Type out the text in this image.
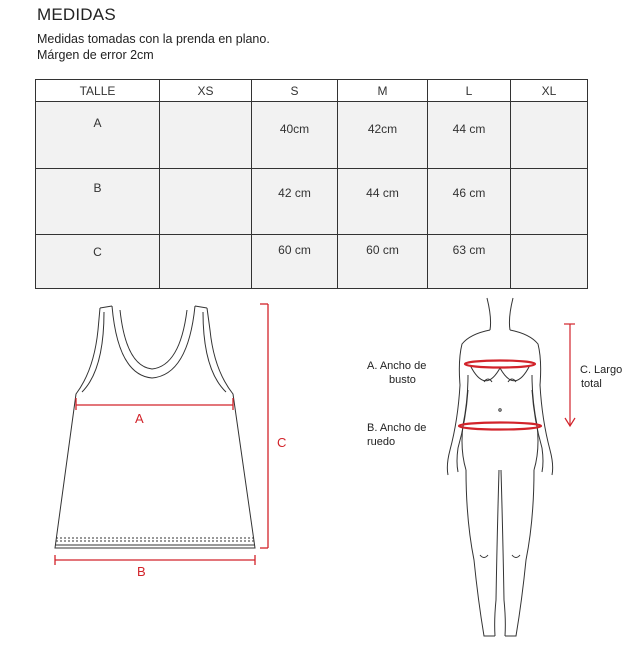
MEDIDAS
Medidas tomadas con la prenda en plano.
Márgen de error 2cm
TALLE	XS	S	M	L	XL
A		40cm	42cm	44 cm	
B		42 cm	44 cm	46 cm	
C		60 cm	60 cm	63 cm	
A
B
C
A. Ancho de
busto
B. Ancho de
ruedo
C. Largo
total
